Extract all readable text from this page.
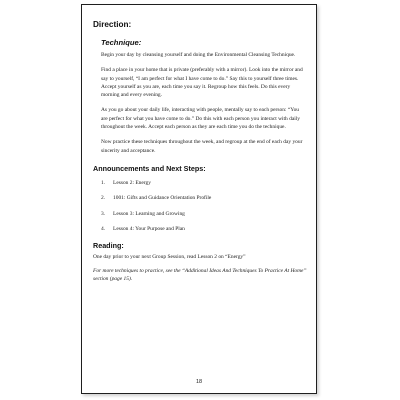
Direction:
Technique:

Begin your day by cleansing yourself and doing the Environmental Cleansing Technique.

Find a place in your home that is private (preferably with a mirror). Look into the mirror and say to yourself, “I am perfect for what I have come to do.” Say this to yourself three times. Accept yourself as you are, each time you say it. Regroup how this feels. Do this every morning and every evening.

As you go about your daily life, interacting with people, mentally say to each person: “You are perfect for what you have come to do.” Do this with each person you interact with daily throughout the week. Accept each person as they are each time you do the technique.

Now practice these techniques throughout the week, and regroup at the end of each day your sincerity and acceptance.

Announcements and Next Steps:
1.	Lesson 2: Energy
2.	1001: Gifts and Guidance Orientation Profile
3.	Lesson 3: Learning and Growing
4.	Lesson 4: Your Purpose and Plan
Reading:

One day prior to your next Group Session, read Lesson 2 on “Energy”

For more techniques to practice, see the “Additional Ideas And Techniques To Practice At Home” section (page 15).

18
